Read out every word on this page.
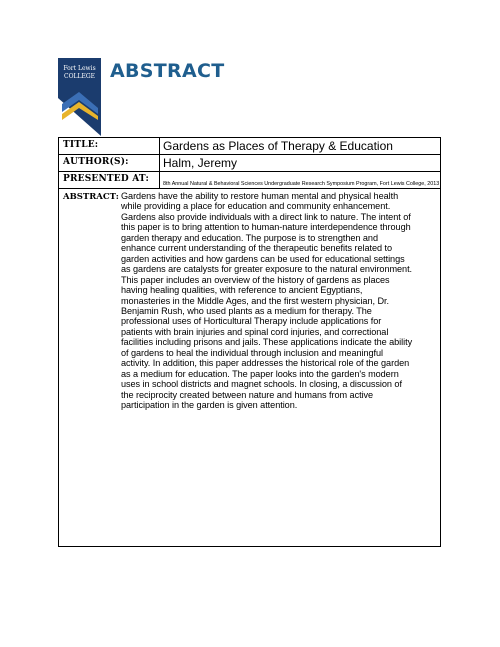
Fort Lewis
COLLEGE ABSTRACT
TITLE:	Gardens as Places of Therapy & Education
AUTHOR(S):	Halm, Jeremy
PRESENTED AT:	8th Annual Natural & Behavioral Sciences Undergraduate Research Symposium Program, Fort Lewis College, 2013
ABSTRACT: Gardens have the ability to restore human mental and physical health
while providing a place for education and community enhancement.
Gardens also provide individuals with a direct link to nature. The intent of
this paper is to bring attention to human-nature interdependence through
garden therapy and education. The purpose is to strengthen and
enhance current understanding of the therapeutic benefits related to
garden activities and how gardens can be used for educational settings
as gardens are catalysts for greater exposure to the natural environment.
This paper includes an overview of the history of gardens as places
having healing qualities, with reference to ancient Egyptians,
monasteries in the Middle Ages, and the first western physician, Dr.
Benjamin Rush, who used plants as a medium for therapy. The
professional uses of Horticultural Therapy include applications for
patients with brain injuries and spinal cord injuries, and correctional
facilities including prisons and jails. These applications indicate the ability
of gardens to heal the individual through inclusion and meaningful
activity. In addition, this paper addresses the historical role of the garden
as a medium for education. The paper looks into the garden's modern
uses in school districts and magnet schools. In closing, a discussion of
the reciprocity created between nature and humans from active
participation in the garden is given attention.
